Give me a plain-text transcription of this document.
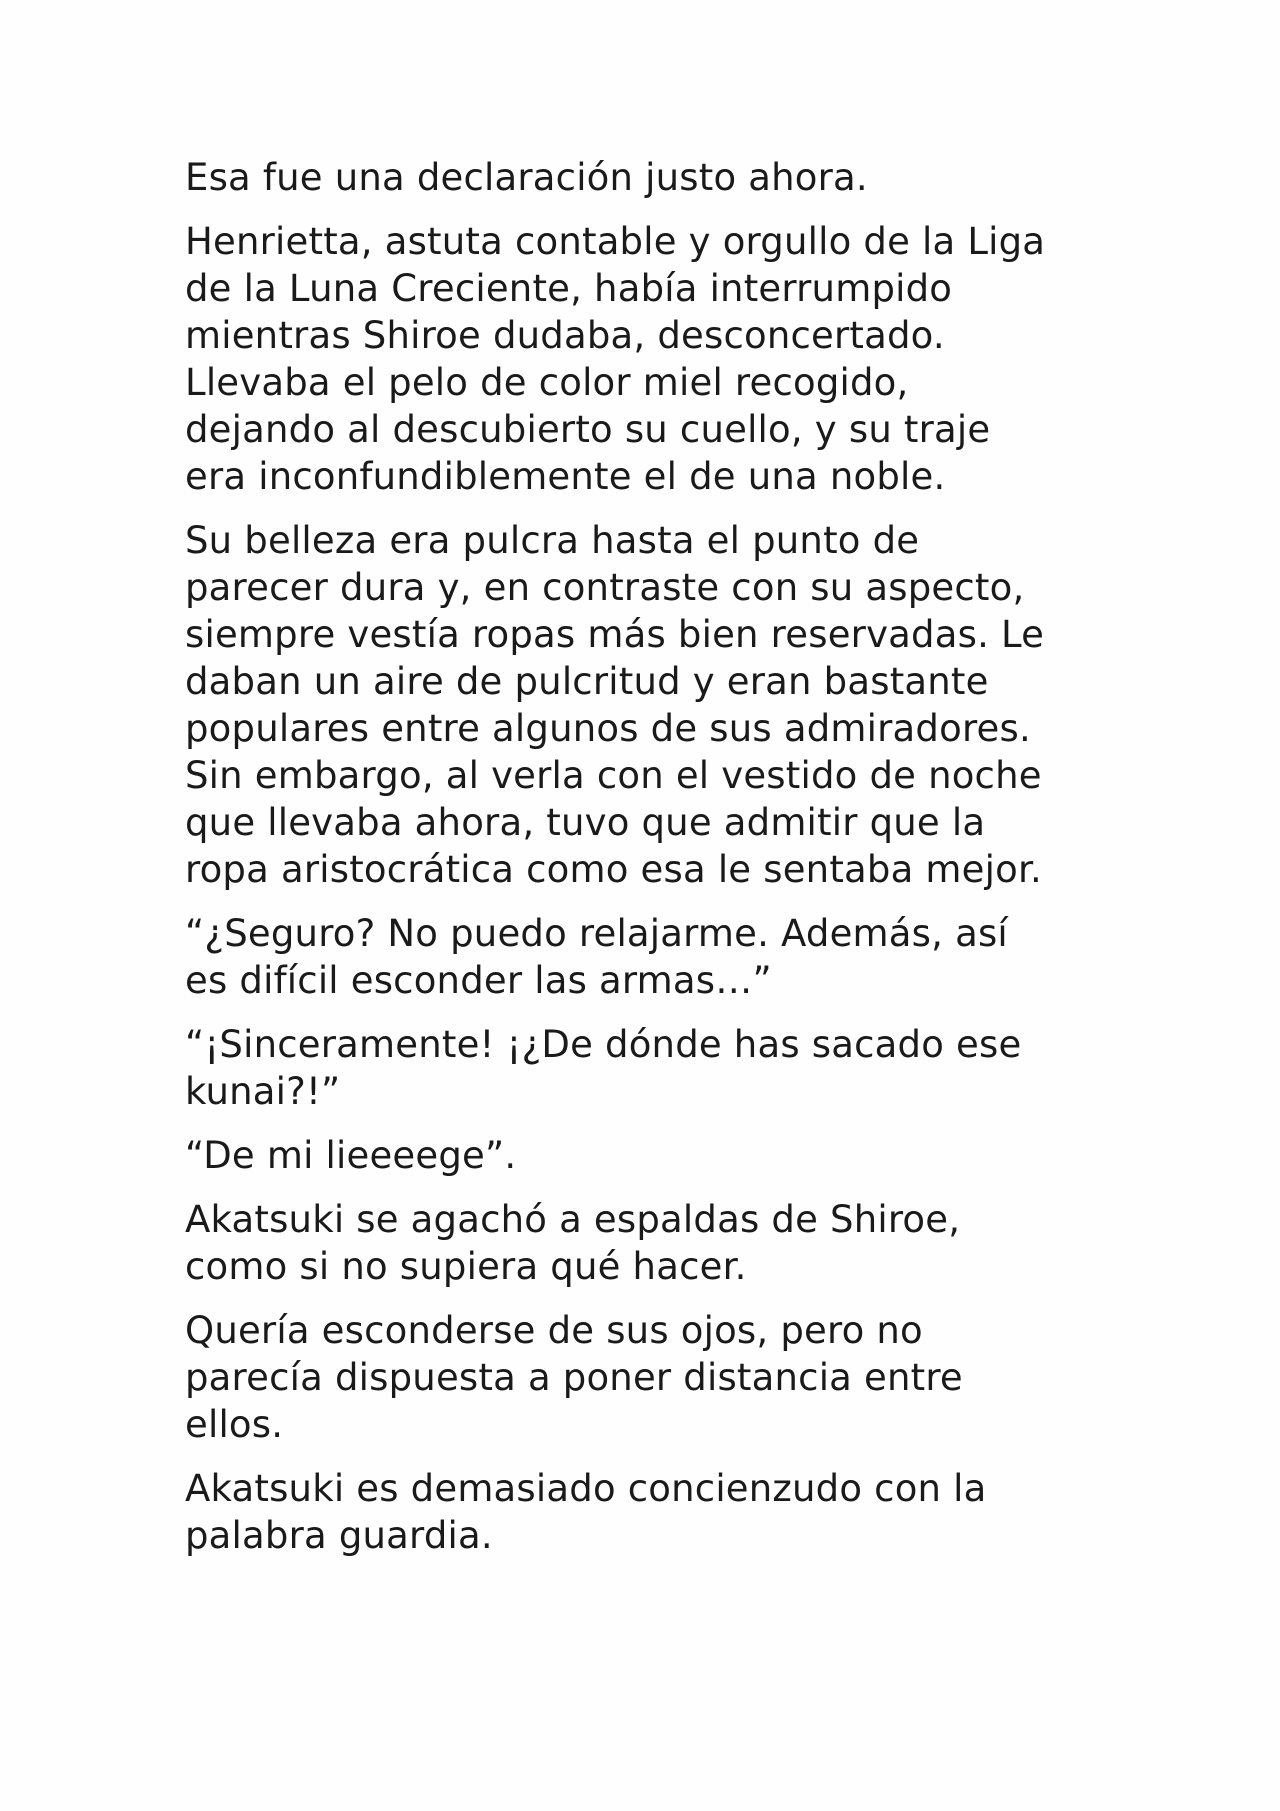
Esa fue una declaración justo ahora.

Henrietta, astuta contable y orgullo de la Liga
de la Luna Creciente, había interrumpido
mientras Shiroe dudaba, desconcertado.
Llevaba el pelo de color miel recogido,
dejando al descubierto su cuello, y su traje
era inconfundiblemente el de una noble.

Su belleza era pulcra hasta el punto de
parecer dura y, en contraste con su aspecto,
siempre vestía ropas más bien reservadas. Le
daban un aire de pulcritud y eran bastante
populares entre algunos de sus admiradores.
Sin embargo, al verla con el vestido de noche
que llevaba ahora, tuvo que admitir que la
ropa aristocrática como esa le sentaba mejor.

“¿Seguro? No puedo relajarme. Además, así
es difícil esconder las armas…”

“¡Sinceramente! ¡¿De dónde has sacado ese
kunai?!”

“De mi lieeeege”.

Akatsuki se agachó a espaldas de Shiroe,
como si no supiera qué hacer.

Quería esconderse de sus ojos, pero no
parecía dispuesta a poner distancia entre
ellos.

Akatsuki es demasiado concienzudo con la
palabra guardia.
